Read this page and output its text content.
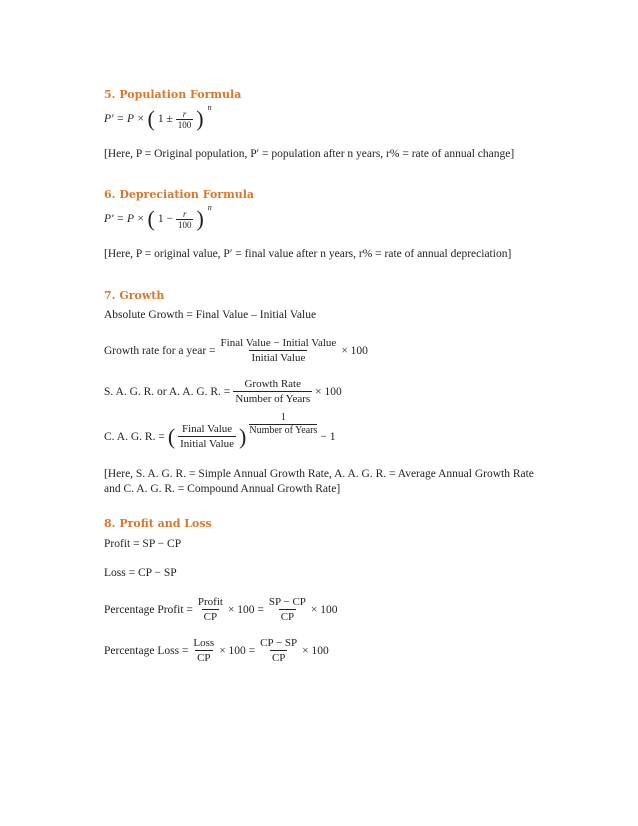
5. Population Formula
P′ = P × ( $1 \pm \frac{r}{100}$ ) n
[Here, P = Original population, P′ = population after n years, r% = rate of annual change]
6. Depreciation Formula
P′ = P × ( $1 - \frac{r}{100}$ ) n
[Here, P = original value, P′ = final value after n years, r% = rate of annual depreciation]
7. Growth
Absolute Growth = Final Value – Initial Value
Growth rate for a year = $\frac{\text{Final Value − Initial Value}}{\text{Initial Value}} \times 100$
S. A. G. R. or A. A. G. R. = $\frac{\text{Growth Rate}}{\text{Number of Years}} \times 100$
C. A. G. R. = ( $\frac{\text{Final Value}}{\text{Initial Value}}$ ) $\frac{1}{\text{Number of Years}} - 1$
[Here, S. A. G. R. = Simple Annual Growth Rate, A. A. G. R. = Average Annual Growth Rate
and C. A. G. R. = Compound Annual Growth Rate]
8. Profit and Loss
Profit = SP − CP
Loss = CP − SP
Percentage Profit = $\frac{\text{Profit}}{CP} \times 100 = \frac{SP - CP}{CP} \times 100$
Percentage Loss = $\frac{\text{Loss}}{CP} \times 100 = \frac{CP - SP}{CP} \times 100$
